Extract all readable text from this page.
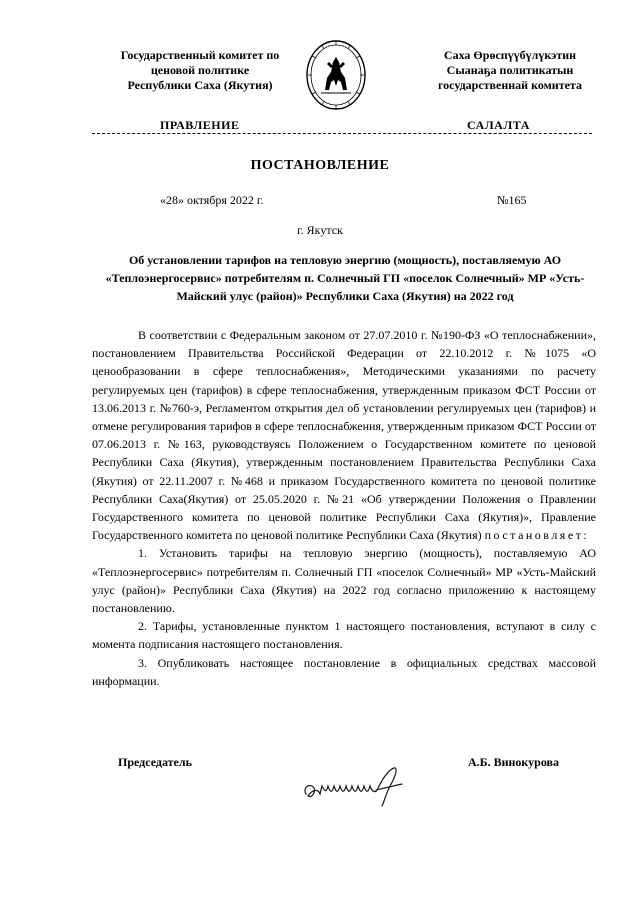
Государственный комитет по
ценовой политике
Республики Саха (Якутия)
Саха Өрөспүүбүлүкэтин
Сыанаҕа политикатын
государственнай комитета
ПРАВЛЕНИЕ	САЛАЛТА
ПОСТАНОВЛЕНИЕ
«28» октября 2022 г.	№165
г. Якутск
Об установлении тарифов на тепловую энергию (мощность), поставляемую АО «Теплоэнергосервис» потребителям п. Солнечный ГП «поселок Солнечный» МР «Усть-Майский улус (район)» Республики Саха (Якутия) на 2022 год

В соответствии с Федеральным законом от 27.07.2010 г. №190-ФЗ «О теплоснабжении», постановлением Правительства Российской Федерации от 22.10.2012 г. №1075 «О ценообразовании в сфере теплоснабжения», Методическими указаниями по расчету регулируемых цен (тарифов) в сфере теплоснабжения, утвержденным приказом ФСТ России от 13.06.2013 г. №760-э, Регламентом открытия дел об установлении регулируемых цен (тарифов) и отмене регулирования тарифов в сфере теплоснабжения, утвержденным приказом ФСТ России от 07.06.2013 г. №163, руководствуясь Положением о Государственном комитете по ценовой Республики Саха (Якутия), утвержденным постановлением Правительства Республики Саха (Якутия) от 22.11.2007 г. №468 и приказом Государственного комитета по ценовой политике Республики Саха(Якутия) от 25.05.2020 г. №21 «Об утверждении Положения о Правлении Государственного комитета по ценовой политике Республики Саха (Якутия)», Правление Государственного комитета по ценовой политике Республики Саха (Якутия) постановляет:

1. Установить тарифы на тепловую энергию (мощность), поставляемую АО «Теплоэнергосервис» потребителям п. Солнечный ГП «поселок Солнечный» МР «Усть-Майский улус (район)» Республики Саха (Якутия) на 2022 год согласно приложению к настоящему постановлению.

2. Тарифы, установленные пунктом 1 настоящего постановления, вступают в силу с момента подписания настоящего постановления.

3. Опубликовать настоящее постановление в официальных средствах массовой информации.

Председатель	А.Б. Винокурова
